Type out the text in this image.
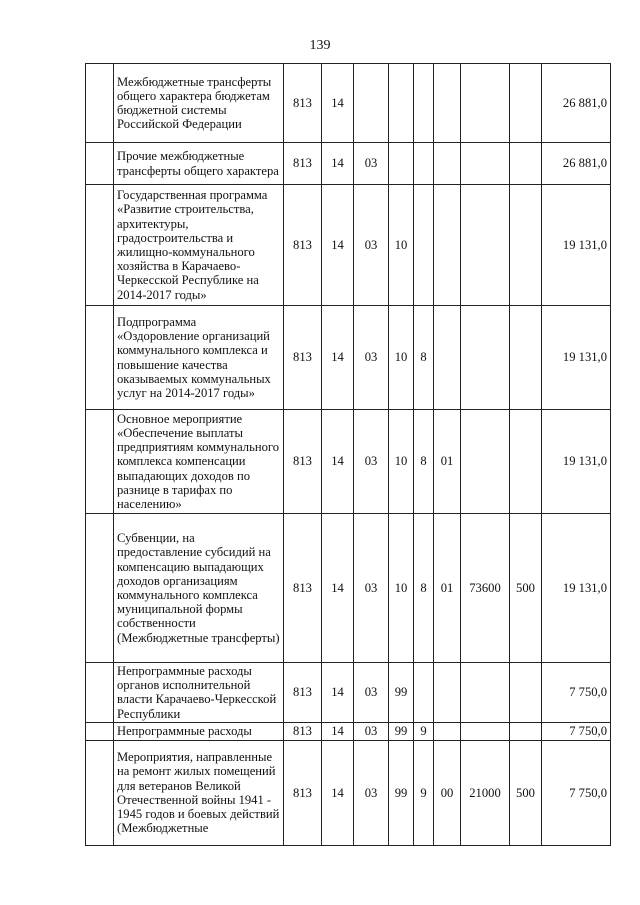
139
	Межбюджетные трансферты общего характера бюджетам бюджетной системы Российской Федерации	813	14							26 881,0
	Прочие межбюджетные трансферты общего характера	813	14	03						26 881,0
	Государственная программа «Развитие строительства, архитектуры, градостроительства и жилищно-коммунального хозяйства в Карачаево-Черкесской Республике на 2014-2017 годы»	813	14	03	10					19 131,0
	Подпрограмма «Оздоровление организаций коммунального комплекса и повышение качества оказываемых коммунальных услуг на 2014-2017 годы»	813	14	03	10	8				19 131,0
	Основное мероприятие «Обеспечение выплаты предприятиям коммунального комплекса компенсации выпадающих доходов по разнице в тарифах по населению»	813	14	03	10	8	01			19 131,0
	Субвенции, на предоставление субсидий на компенсацию выпадающих доходов организациям коммунального комплекса муниципальной формы собственности (Межбюджетные трансферты)	813	14	03	10	8	01	73600	500	19 131,0
	Непрограммные расходы органов исполнительной власти Карачаево-Черкесской Республики	813	14	03	99					7 750,0
	Непрограммные расходы	813	14	03	99	9				7 750,0
	Мероприятия, направленные на ремонт жилых помещений для ветеранов Великой Отечественной войны 1941 - 1945 годов и боевых действий (Межбюджетные	813	14	03	99	9	00	21000	500	7 750,0
